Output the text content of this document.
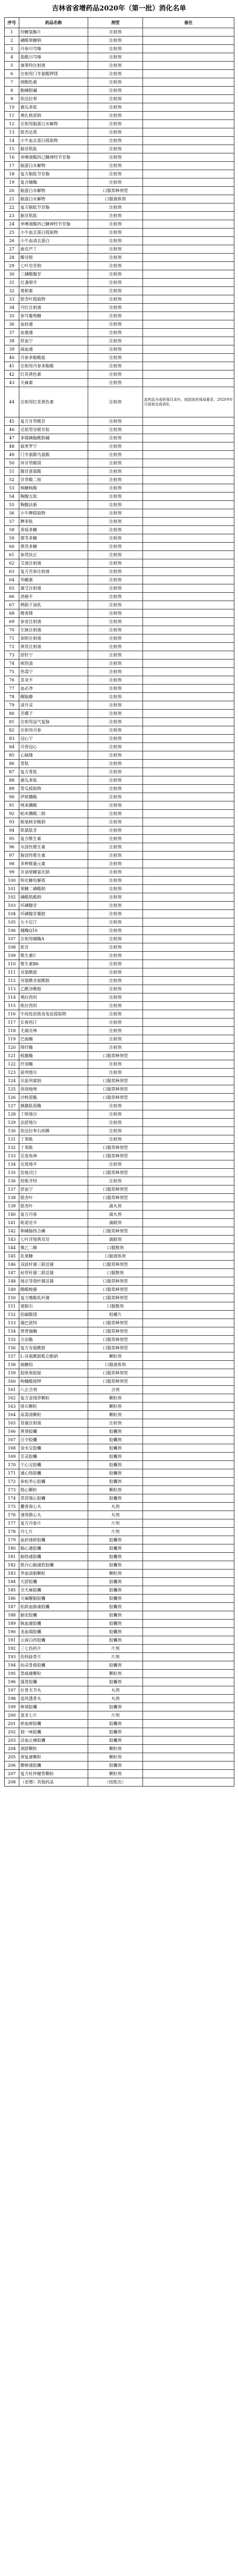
吉林省省增药品2020年（第一批）消化名单
序号	药品名称	剂型	备注
1	羟糖氯酯片	注射剂	
2	磷酸果糖钠	注射剂	
3	丹参川芎嗪	注射剂	
4	盐酸川芎嗪	注射剂	
5	康莱特注射液	注射剂	
6	注射用门冬氨酸钾镁	注射剂	
7	细胞色素	注射剂	
8	胞磷胆碱	注射剂	
9	依达拉奉	注射剂	
10	鹿瓜多肽	注射剂	
11	奥扎格雷钠	注射剂	
12	注射用脑蛋白水解物	注射剂	
13	银杏达莫	注射剂	
14	小牛血去蛋白提取物	注射剂	
15	脑苷肌肽	注射剂	
16	单唾液酸四己糖神经节苷脂	注射剂	
17	脑蛋白水解物	注射剂	
18	复方脑肽节苷脂	注射剂	
19	复合辅酶	注射剂	
20	脑蛋白水解物	口服常释剂型	
21	脑蛋白水解物	口服液体剂	
22	复方脑肽节苷脂	注射剂	
23	脑苷肌肽	注射剂	
24	单唾液酸四己糖神经节苷脂	注射剂	
25	小牛血去蛋白提取物	注射剂	
26	小牛血清去蛋白	注射剂	
27	曲克芦丁	注射剂	
28	醋谷胺	注射剂	
29	七叶皂苷钠	注射剂	
30	三磷酸腺苷	注射剂	
31	灯盏细辛	注射剂	
32	葛根素	注射剂	
33	银杏叶提取物	注射剂	
34	丹红注射液	注射剂	
35	参芎葡萄糖	注射剂	
36	血栓通	注射剂	
37	血塞通	注射剂	
38	舒血宁	注射剂	
39	疏血通	注射剂	
40	丹参多酚酸盐	注射剂	
41	注射用丹参多酚酸	注射剂	
42	红花黄色素	注射剂	
43	天麻素	注射剂	
44	注射用红花黄色素	注射剂	此药品为省医保目录内，按国家医保局要求，2020年6月底前完成消化
45	复方甘草酸苷	注射剂	
46	还原型谷胱甘肽	注射剂	
47	多烯磷脂酰胆碱	注射剂	
48	硫普罗宁	注射剂	
49	门冬氨酸鸟氨酸	注射剂	
50	异甘草酸镁	注射剂	
51	腺苷蛋氨酸	注射剂	
52	甘草酸二铵	注射剂	
53	核糖核酸	注射剂	
54	胸腺五肽	注射剂	
55	胸腺法新	注射剂	
56	小牛脾提取物	注射剂	
57	脾多肽	注射剂	
58	香菇多糖	注射剂	
59	猪苓多糖	注射剂	
60	黄芪多糖	注射剂	
61	参芪扶正	注射剂	
62	艾迪注射液	注射剂	
63	复方苦参注射液	注射剂	
64	华蟾素	注射剂	
65	康艾注射液	注射剂	
66	消癌平	注射剂	
67	鸦胆子油乳	注射剂	
68	榄香烯	注射剂	
69	参麦注射液	注射剂	
70	生脉注射液	注射剂	
71	参附注射液	注射剂	
72	黄芪注射液	注射剂	
73	舒肝宁	注射剂	
74	痰热清	注射剂	
75	热毒宁	注射剂	
76	喜炎平	注射剂	
77	血必净	注射剂	
78	醒脑静	注射剂	
79	清开灵	注射剂	
80	苦碟子	注射剂	
81	注射用益气复脉	注射剂	
82	注射用丹参	注射剂	
83	冠心宁	注射剂	
84	丹香冠心	注射剂	
85	心脉隆	注射剂	
86	骨肽	注射剂	
87	复方骨肽	注射剂	
88	鹿瓜多肽	注射剂	
89	骨瓜提取物	注射剂	
90	伊班膦酸	注射剂	
91	唑来膦酸	注射剂	
92	帕米膦酸二钠	注射剂	
93	脱氧核苷酸钠	注射剂	
94	肌氨肽苷	注射剂	
95	复合维生素	注射剂	
96	水溶性维生素	注射剂	
97	脂溶性维生素	注射剂	
98	多种微量元素	注射剂	
99	甘油果糖氯化钠	注射剂	
100	转化糖电解质	注射剂	
101	果糖二磷酸钠	注射剂	
102	磷酸肌酸钠	注射剂	
103	环磷腺苷	注射剂	
104	环磷腺苷葡胺	注射剂	
105	左卡尼汀	注射剂	
106	辅酶Q10	注射剂	
107	注射用辅酶A	注射剂	
108	肌苷	注射剂	
109	维生素C	注射剂	
110	维生素B6	注射剂	
111	谷氨酰胺	注射剂	
112	丙氨酰谷氨酰胺	注射剂	
113	乙酰谷酰胺	注射剂	
114	奥拉西坦	注射剂	
115	吡拉西坦	注射剂	
116	牛痘疫苗致炎兔皮提取物	注射剂	
117	长春西汀	注射剂	
118	尤瑞克林	注射剂	
119	巴曲酶	注射剂	
120	降纤酶	注射剂	
121	蚓激酶	口服常释剂型	
122	纤溶酶	注射剂	
123	前列地尔	注射剂	
124	贝前列素钠	口服常释剂型	
125	西洛他唑	口服常释剂型	
126	沙格雷酯	口服常释剂型	
127	胰激肽原酶	注射剂	
128	丁咯地尔	注射剂	
129	法舒地尔	注射剂	
130	依达拉奉右莰醇	注射剂	
131	丁苯酞	注射剂	
132	丁苯酞	口服常释剂型	
133	尼麦角林	口服常释剂型	
134	尼莫地平	注射剂	
135	倍他司汀	口服常释剂型	
136	桂哌齐特	注射剂	
137	舒血宁	口服常释剂型	
138	银杏叶	口服常释剂型	
139	银杏叶	滴丸剂	
140	复方丹参	滴丸剂	
141	吡诺克辛	滴眼剂	
142	卵磷脂络合碘	口服常释剂型	
143	七叶洋地黄双苷	滴眼剂	
144	聚乙二醇	口服散剂	
145	乳果糖	口服液体剂	
146	双歧杆菌三联活菌	口服常释剂型	
147	枯草杆菌二联活菌	口服散剂	
148	地衣芽孢杆菌活菌	口服常释剂型	
149	酪酸梭菌	口服常释剂型	
150	复方嗜酸乳杆菌	口服常释剂型	
151	蒙脱石	口服散剂	
152	铝碳酸镁	咀嚼片	
153	瑞巴派特	口服常释剂型	
154	替普瑞酮	口服常释剂型	
155	吉法酯	口服常释剂型	
156	复方谷氨酰胺	口服常释剂型	
157	L-谷氨酰胺呱仑酸钠	颗粒剂	
158	硫糖铝	口服液体剂	
159	胶体果胶铋	口服常释剂型	
160	枸橼酸铋钾	口服常释剂型	
161	八正合剂	合剂	
162	复方金钱草颗粒	颗粒剂	
163	排石颗粒	颗粒剂	
164	尿毒清颗粒	颗粒剂	
165	肾康注射液	注射剂	
166	黄葵胶囊	胶囊剂	
167	百令胶囊	胶囊剂	
168	金水宝胶囊	胶囊剂	
169	至灵胶囊	胶囊剂	
170	宁心宝胶囊	胶囊剂	
171	通心络胶囊	胶囊剂	
172	参松养心胶囊	胶囊剂	
173	稳心颗粒	颗粒剂	
174	芪苈强心胶囊	胶囊剂	
175	麝香保心丸	丸剂	
176	速效救心丸	丸剂	
177	复方丹参片	片剂	
178	丹七片	片剂	
179	血府逐瘀胶囊	胶囊剂	
180	脑心通胶囊	胶囊剂	
181	脑络通胶囊	胶囊剂	
182	银丹心脑通软胶囊	胶囊剂	
183	养血清脑颗粒	颗粒剂	
184	天舒胶囊	胶囊剂	
185	全天麻胶囊	胶囊剂	
186	天麻醒脑胶囊	胶囊剂	
187	松龄血脉康胶囊	胶囊剂	
188	脑安胶囊	胶囊剂	
189	脉血康胶囊	胶囊剂	
190	龙血竭胶囊	胶囊剂	
191	云南白药胶囊	胶囊剂	
192	三七伤药片	片剂	
193	伤科接骨片	片剂	
194	仙灵骨葆胶囊	胶囊剂	
195	骨疏康颗粒	颗粒剂	
196	强骨胶囊	胶囊剂	
197	壮骨关节丸	丸剂	
198	追风透骨丸	丸剂	
199	痹祺胶囊	胶囊剂	
200	盘龙七片	片剂	
201	瘀血痹胶囊	胶囊剂	
202	独一味胶囊	胶囊剂	
203	活血止痛胶囊	胶囊剂	
204	颈舒颗粒	颗粒剂	
205	颈复康颗粒	颗粒剂	
206	腰痹通胶囊	胶囊剂	
207	复方杜仲健骨颗粒	颗粒剂	
208	（省增）其他药品	（按批次）	
